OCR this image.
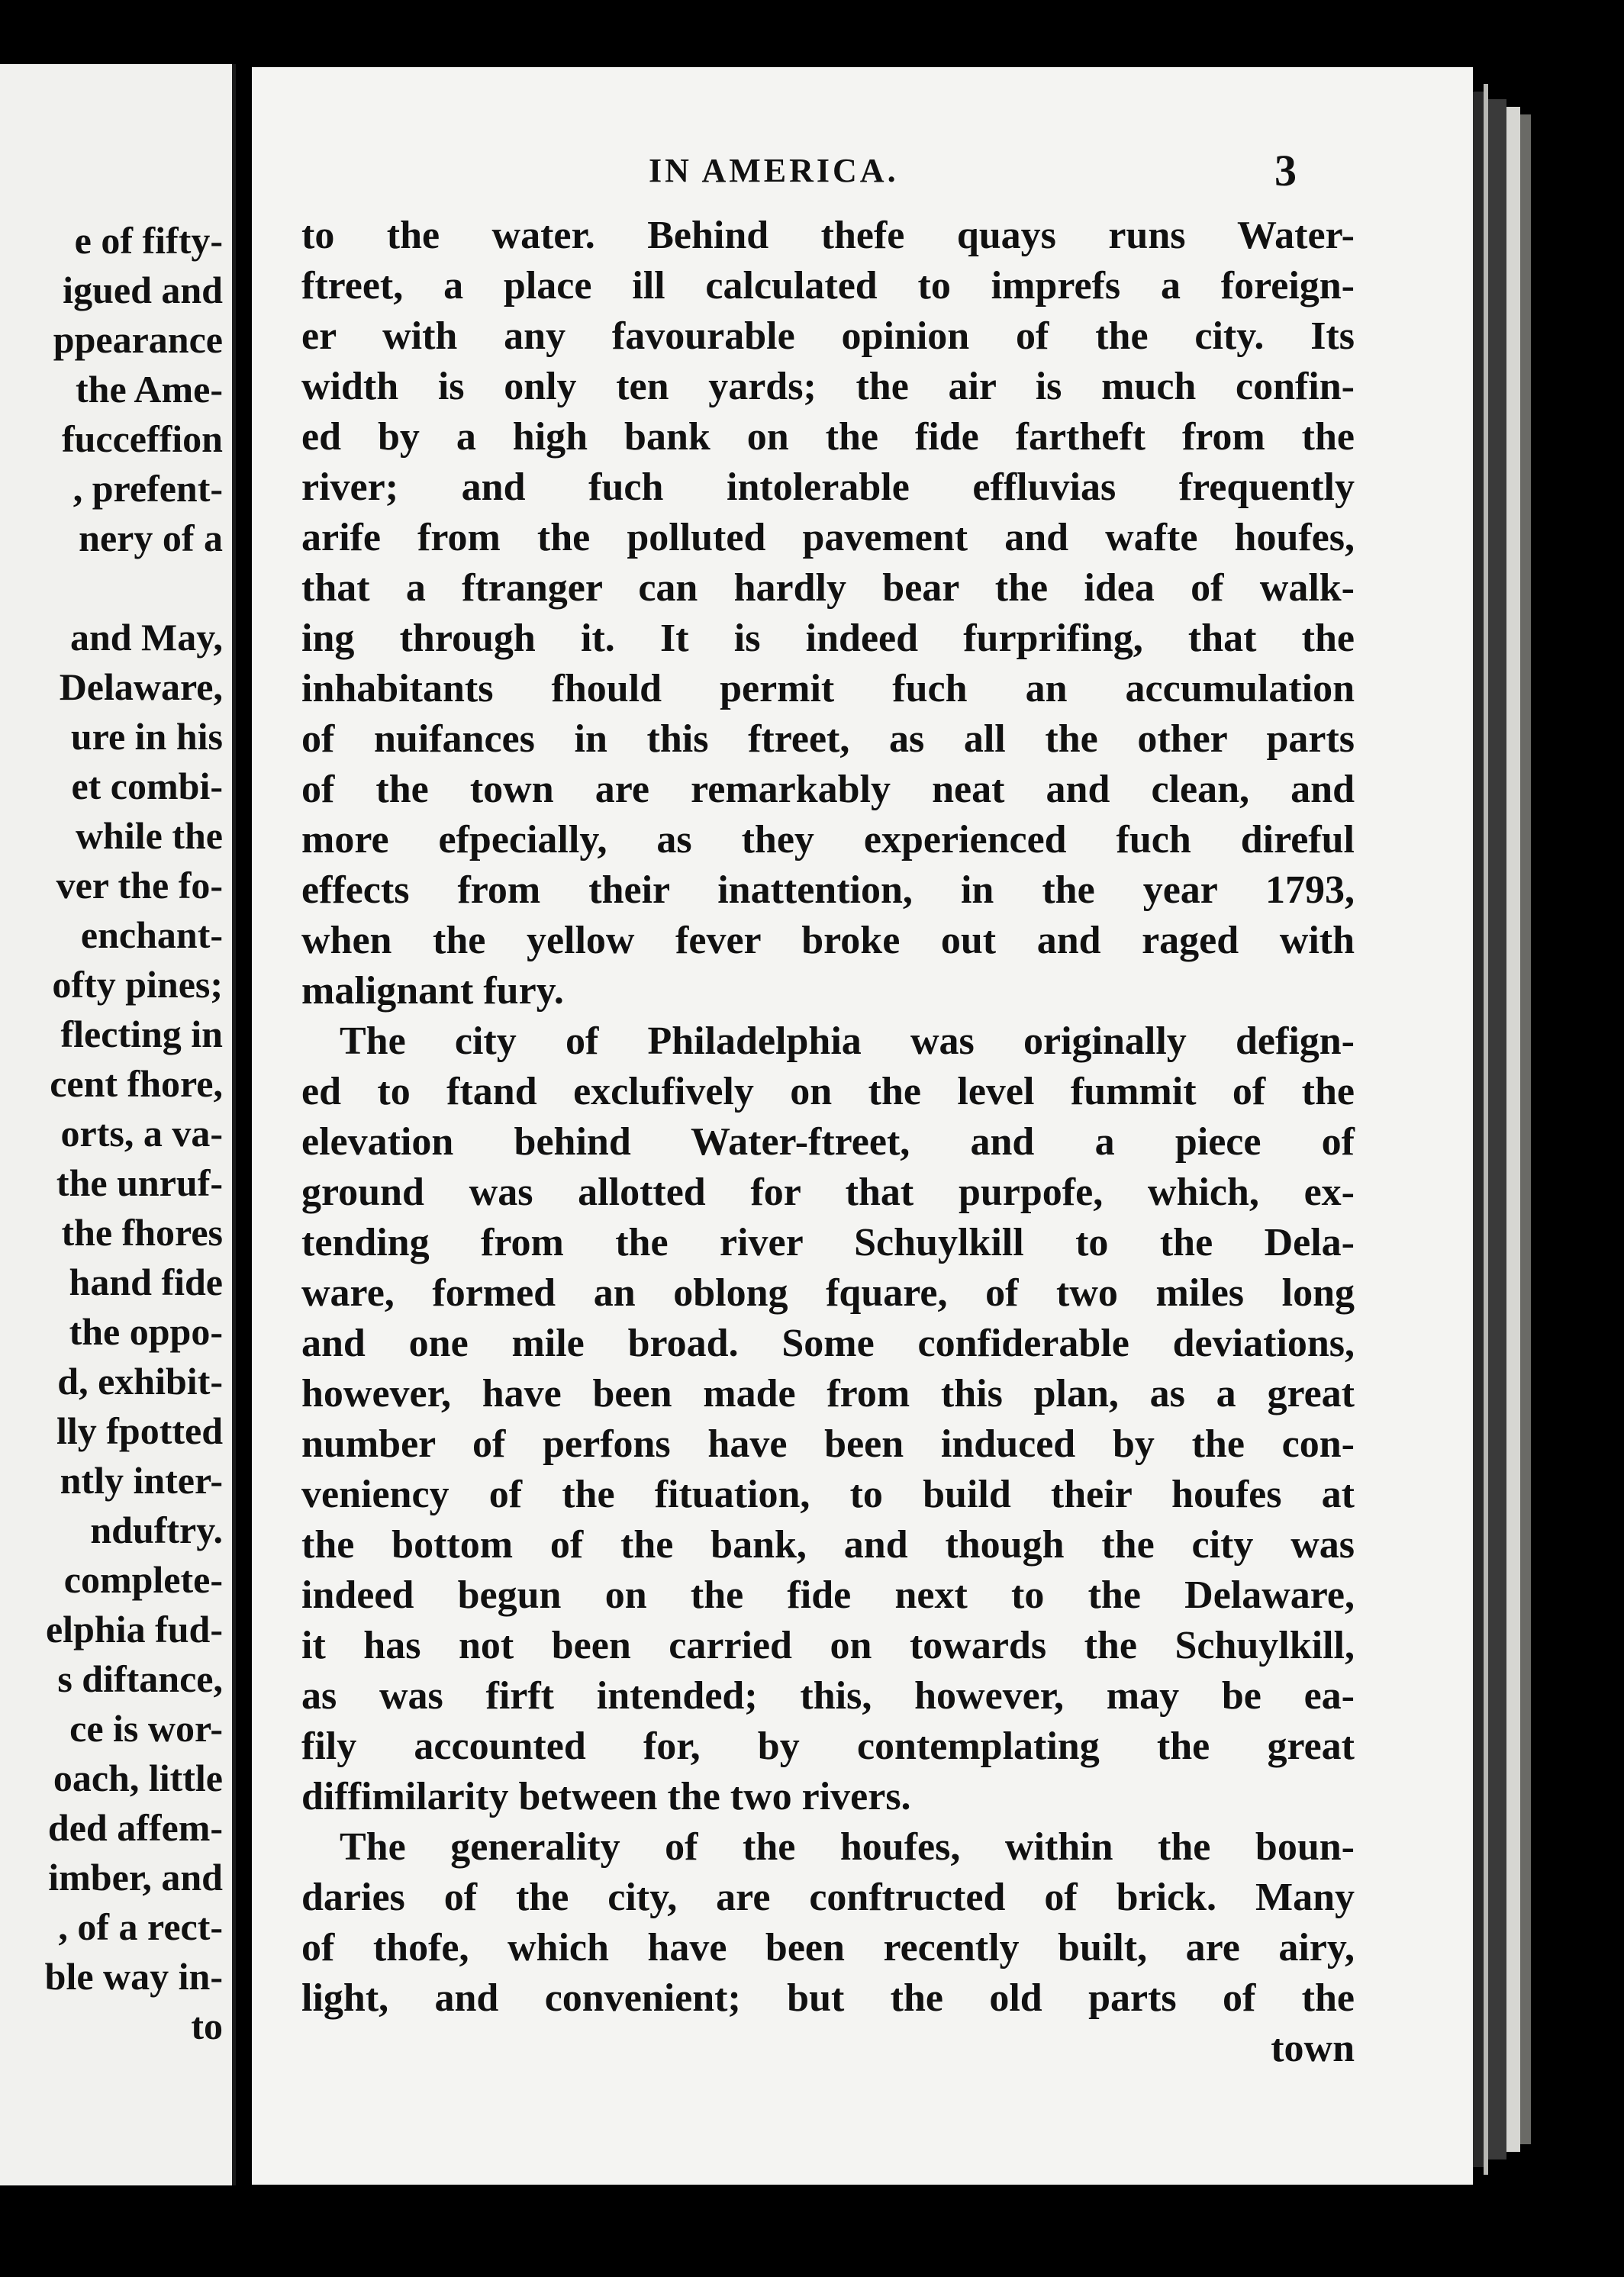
e of fifty-
igued and
ppearance
the Ame-
fucceffion
, prefent-
nery of a
and May,
Delaware,
ure in his
et combi-
while the
ver the fo-
enchant-
ofty pines;
flecting in
cent fhore,
orts, a va-
the unruf-
the fhores
hand fide
the oppo-
d, exhibit-
lly fpotted
ntly inter-
nduftry.
complete-
elphia fud-
s diftance,
ce is wor-
oach, little
ded affem-
imber, and
, of a rect-
ble way in-
to
IN AMERICA.	3
to the water. Behind thefe quays runs Water-
ftreet, a place ill calculated to imprefs a foreign-
er with any favourable opinion of the city. Its
width is only ten yards; the air is much confin-
ed by a high bank on the fide fartheft from the
river; and fuch intolerable effluvias frequently
arife from the polluted pavement and wafte houfes,
that a ftranger can hardly bear the idea of walk-
ing through it. It is indeed furprifing, that the
inhabitants fhould permit fuch an accumulation
of nuifances in this ftreet, as all the other parts
of the town are remarkably neat and clean, and
more efpecially, as they experienced fuch direful
effects from their inattention, in the year 1793,
when the yellow fever broke out and raged with
malignant fury.
The city of Philadelphia was originally defign-
ed to ftand exclufively on the level fummit of the
elevation behind Water-ftreet, and a piece of
ground was allotted for that purpofe, which, ex-
tending from the river Schuylkill to the Dela-
ware, formed an oblong fquare, of two miles long
and one mile broad. Some confiderable deviations,
however, have been made from this plan, as a great
number of perfons have been induced by the con-
veniency of the fituation, to build their houfes at
the bottom of the bank, and though the city was
indeed begun on the fide next to the Delaware,
it has not been carried on towards the Schuylkill,
as was firft intended; this, however, may be ea-
fily accounted for, by contemplating the great
diffimilarity between the two rivers.
The generality of the houfes, within the boun-
daries of the city, are conftructed of brick. Many
of thofe, which have been recently built, are airy,
light, and convenient; but the old parts of the
town
